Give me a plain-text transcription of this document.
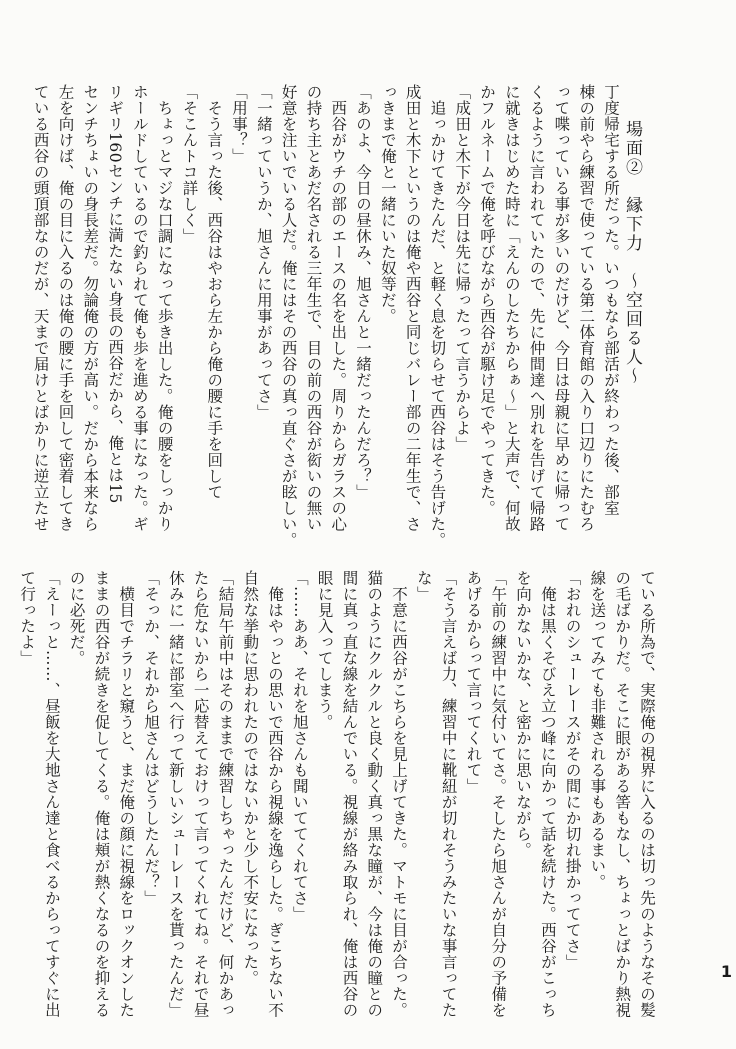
場面②　縁下力　～空回る人～

丁度帰宅する所だった。いつもなら部活が終わった後、部室

棟の前やら練習で使っている第二体育館の入り口辺りにたむろ

って喋っている事が多いのだけど、今日は母親に早めに帰って

くるように言われていたので、先に仲間達へ別れを告げて帰路

に就きはじめた時に「えんのしたちからぁ～」と大声で、何故

かフルネームで俺を呼びながら西谷が駆け足でやってきた。

「成田と木下が今日は先に帰ったって言うからよ」

　追っかけてきたんだ、と軽く息を切らせて西谷はそう告げた。

成田と木下というのは俺や西谷と同じバレー部の二年生で、さ

っきまで俺と一緒にいた奴等だ。

「あのよ、今日の昼休み、旭さんと一緒だったんだろ？」

　西谷がウチの部のエースの名を出した。周りからガラスの心

の持ち主とあだ名される三年生で、目の前の西谷が衒いの無い

好意を注いでいる人だ。俺にはその西谷の真っ直ぐさが眩しい。

「一緒っていうか、旭さんに用事があってさ」

「用事？」

　そう言った後、西谷はやおら左から俺の腰に手を回して

「そこんトコ詳しく」

　ちょっとマジな口調になって歩き出した。俺の腰をしっかり

ホールドしているので釣られて俺も歩を進める事になった。ギ

リギリ160センチに満たない身長の西谷だから、俺とは15

センチちょいの身長差だ。勿論俺の方が高い。だから本来なら

左を向けば、俺の目に入るのは俺の腰に手を回して密着してき

ている西谷の頭頂部なのだが、天まで届けとばかりに逆立たせ

ている所為で、実際俺の視界に入るのは切っ先のようなその髪

の毛ばかりだ。そこに眼がある筈もなし、ちょっとばかり熱視

線を送ってみても非難される事もあるまい。

「おれのシューレースがその間にか切れ掛かっててさ」

　俺は黒くそびえ立つ峰に向かって話を続けた。西谷がこっち

を向かないかな、と密かに思いながら。

「午前の練習中に気付いてさ。そしたら旭さんが自分の予備を

あげるからって言ってくれて」

「そう言えば力、練習中に靴紐が切れそうみたいな事言ってた

な」

　不意に西谷がこちらを見上げてきた。マトモに目が合った。

猫のようにクルクルと良く動く真っ黒な瞳が、今は俺の瞳との

間に真っ直な線を結んでいる。視線が絡み取られ、俺は西谷の

眼に見入ってしまう。

「……ああ、それを旭さんも聞いててくれてさ」

　俺はやっとの思いで西谷から視線を逸らした。ぎこちない不

自然な挙動に思われたのではないかと少し不安になった。

「結局午前中はそのままで練習しちゃったんだけど、何かあっ

たら危ないから一応替えておけって言ってくれてね。それで昼

休みに一緒に部室へ行って新しいシューレースを貰ったんだ」

「そっか、それから旭さんはどうしたんだ？」

　横目でチラリと窺うと、まだ俺の顔に視線をロックオンした

ままの西谷が続きを促してくる。俺は頬が熱くなるのを抑える

のに必死だ。

「えーっと……、昼飯を大地さん達と食べるからってすぐに出

て行ったよ」

1
